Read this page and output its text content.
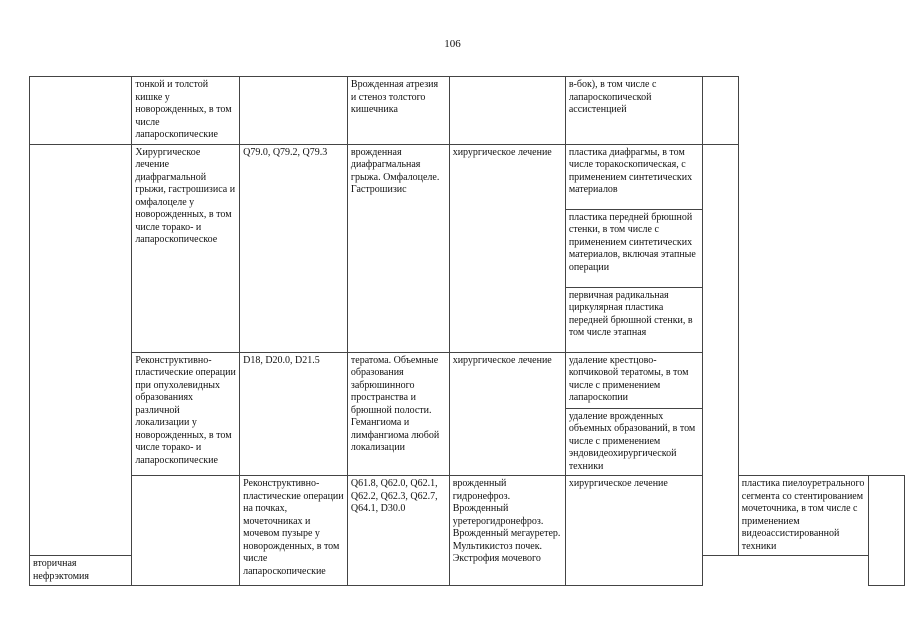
106
	тонкой и толстой кишке у новорожденных, в том числе лапароскопические		Врожденная атрезия и стеноз толстого кишечника		в-бок), в том числе с лапароскопической ассистенцией			
	Хирургическое лечение диафрагмальной грыжи, гастрошизиса и омфалоцеле у новорожденных, в том числе торако- и лапароскопическое	Q79.0, Q79.2, Q79.3	врожденная диафрагмальная грыжа. Омфалоцеле. Гастрошизис	хирургическое лечение	пластика диафрагмы, в том числе торакоскопическая, с применением синтетических материалов			
					пластика передней брюшной стенки, в том числе с применением синтетических материалов, включая этапные операции			
					первичная радикальная циркулярная пластика передней брюшной стенки, в том числе этапная			
	Реконструктивно-пластические операции при опухолевидных образованиях различной локализации у новорожденных, в том числе торако- и лапароскопические	D18, D20.0, D21.5	тератома. Объемные образования забрюшинного пространства и брюшной полости. Гемангиома и лимфангиома любой локализации	хирургическое лечение	удаление крестцово-копчиковой тератомы, в том числе с применением лапароскопии			
					удаление врожденных объемных образований, в том числе с применением эндовидеохирургической техники			
		Реконструктивно-пластические операции на почках, мочеточниках и мочевом пузыре у новорожденных, в том числе лапароскопические	Q61.8, Q62.0, Q62.1, Q62.2, Q62.3, Q62.7, Q64.1, D30.0	врожденный гидронефроз. Врожденный уретерогидронефроз. Врожденный мегауретер. Мультикистоз почек. Экстрофия мочевого	хирургическое лечение		пластика пиелоуретрального сегмента со стентированием мочеточника, в том числе с применением видеоассистированной техники	
вторичная нефрэктомия								
